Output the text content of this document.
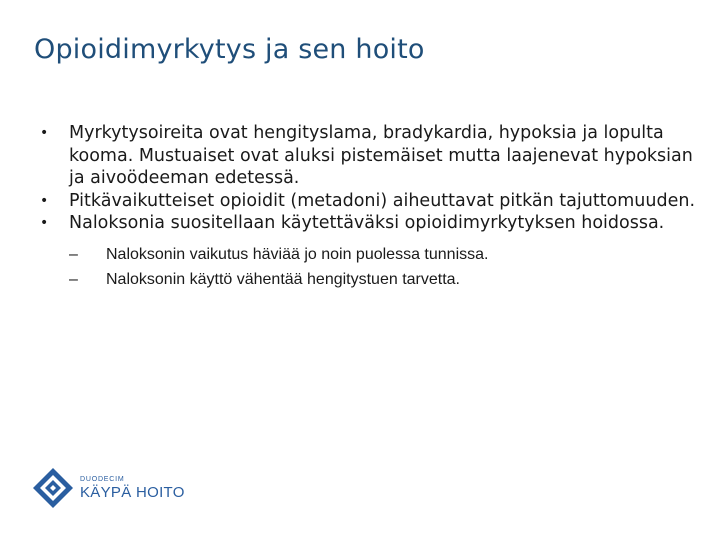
Opioidimyrkytys ja sen hoito
• Myrkytysoireita ovat hengityslama, bradykardia, hypoksia ja lopulta kooma. Mustuaiset ovat aluksi pistemäiset mutta laajenevat hypoksian ja aivoödeeman edetessä.
• Pitkävaikutteiset opioidit (metadoni) aiheuttavat pitkän tajuttomuuden.
• Naloksonia suositellaan käytettäväksi opioidimyrkytyksen hoidossa.
– Naloksonin vaikutus häviää jo noin puolessa tunnissa.
– Naloksonin käyttö vähentää hengitystuen tarvetta.
DUODECIM
KÄYPÄ HOITO
